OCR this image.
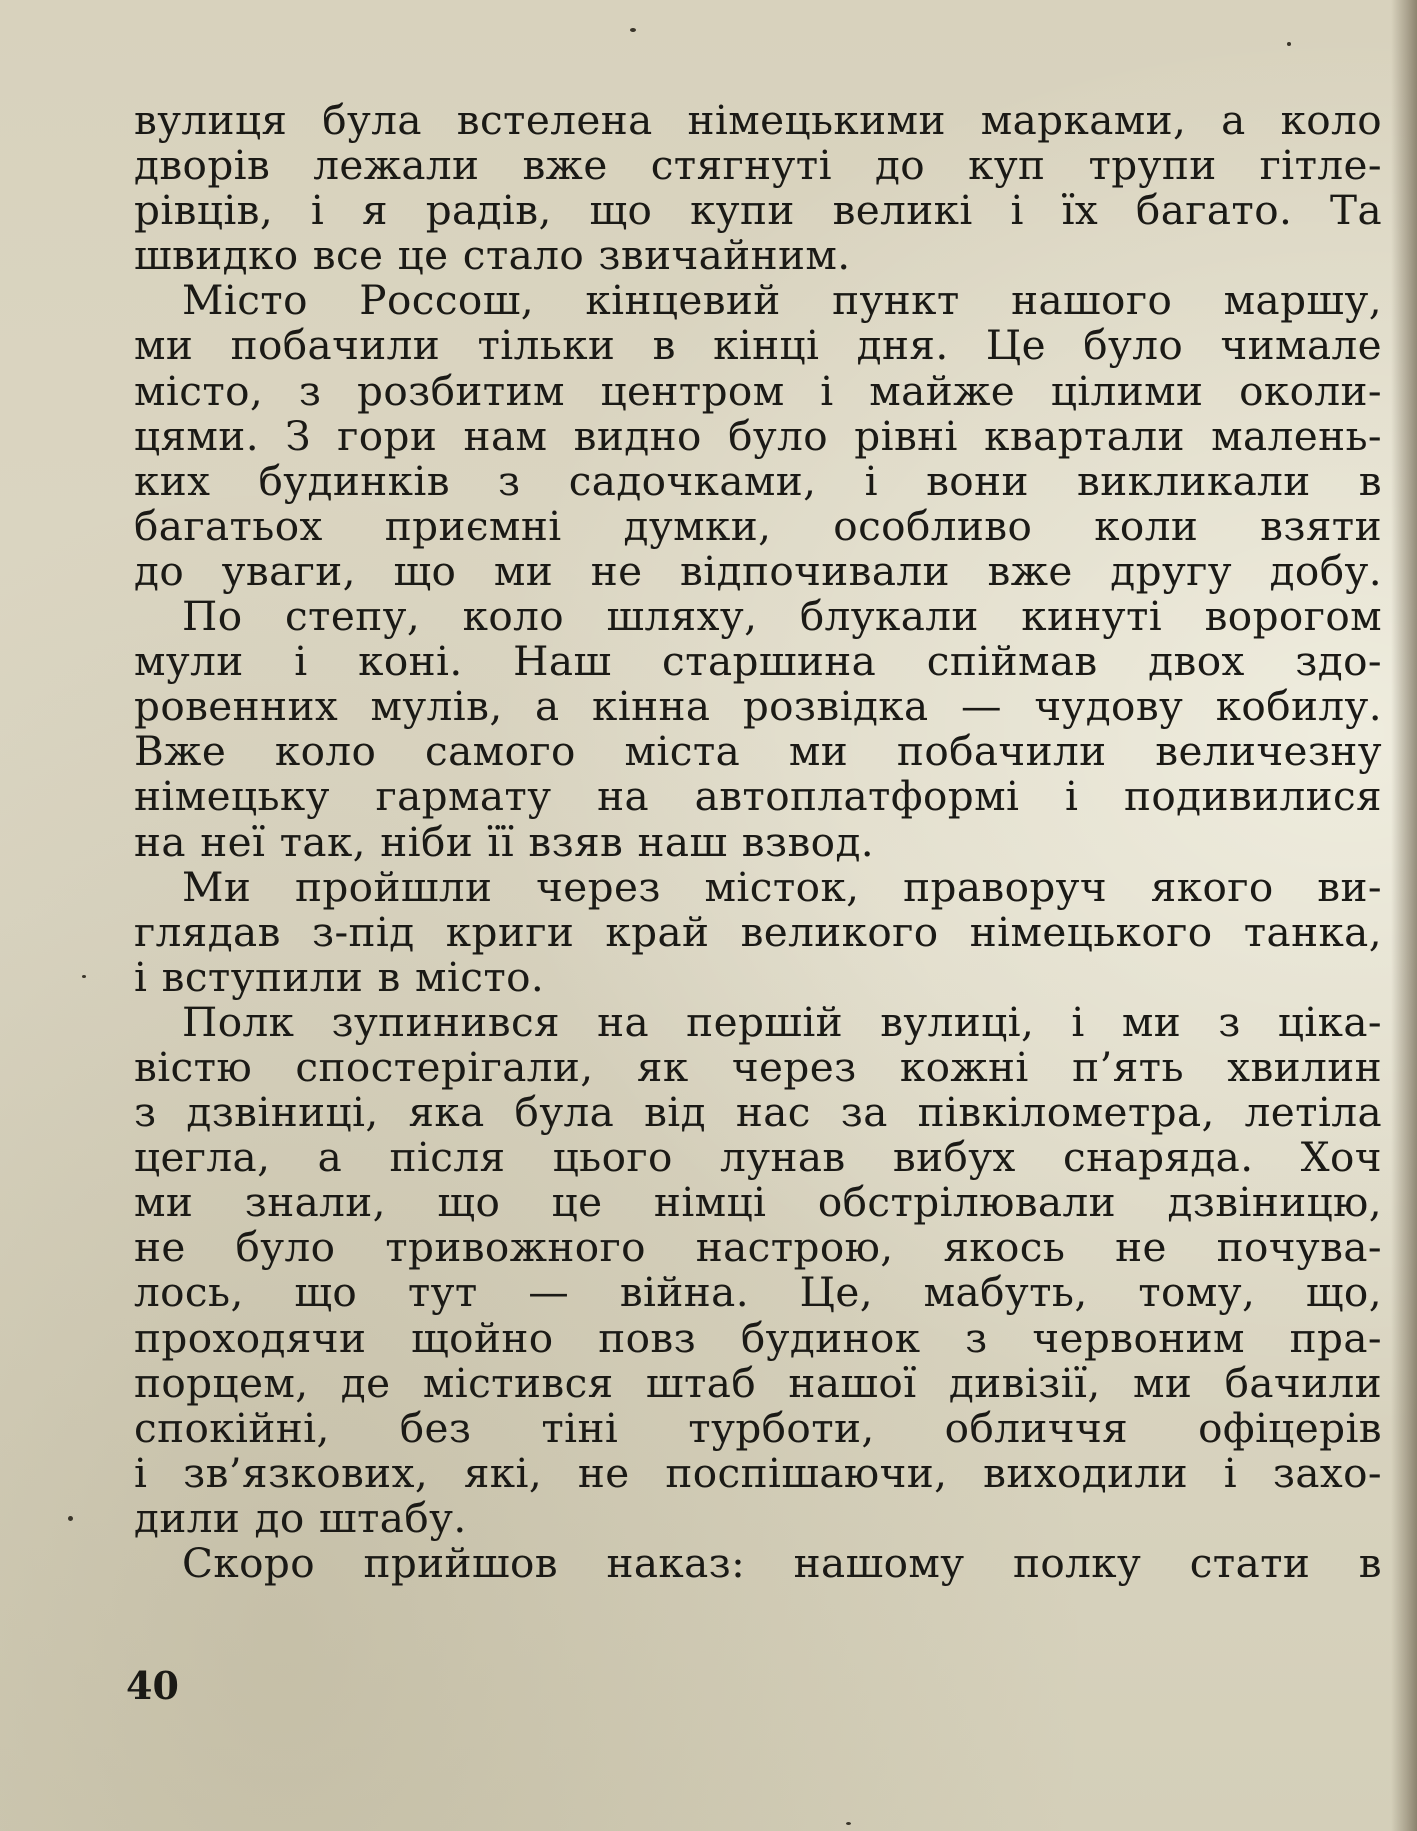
вулиця була встелена німецькими марками, а коло
дворів лежали вже стягнуті до куп трупи гітле-
рівців, і я радів, що купи великі і їх багато. Та
швидко все це стало звичайним.
Місто Россош, кінцевий пункт нашого маршу,
ми побачили тільки в кінці дня. Це було чимале
місто, з розбитим центром і майже цілими околи-
цями. З гори нам видно було рівні квартали малень-
ких будинків з садочками, і вони викликали в
багатьох приємні думки, особливо коли взяти
до уваги, що ми не відпочивали вже другу добу.
По степу, коло шляху, блукали кинуті ворогом
мули і коні. Наш старшина спіймав двох здо-
ровенних мулів, а кінна розвідка — чудову кобилу.
Вже коло самого міста ми побачили величезну
німецьку гармату на автоплатформі і подивилися
на неї так, ніби її взяв наш взвод.
Ми пройшли через місток, праворуч якого ви-
глядав з-під криги край великого німецького танка,
і вступили в місто.
Полк зупинився на першій вулиці, і ми з ціка-
вістю спостерігали, як через кожні п’ять хвилин
з дзвіниці, яка була від нас за півкілометра, летіла
цегла, а після цього лунав вибух снаряда. Хоч
ми знали, що це німці обстрілювали дзвіницю,
не було тривожного настрою, якось не почува-
лось, що тут — війна. Це, мабуть, тому, що,
проходячи щойно повз будинок з червоним пра-
порцем, де містився штаб нашої дивізії, ми бачили
спокійні, без тіні турботи, обличчя офіцерів
і зв’язкових, які, не поспішаючи, виходили і захо-
дили до штабу.
Скоро прийшов наказ: нашому полку стати в
40
